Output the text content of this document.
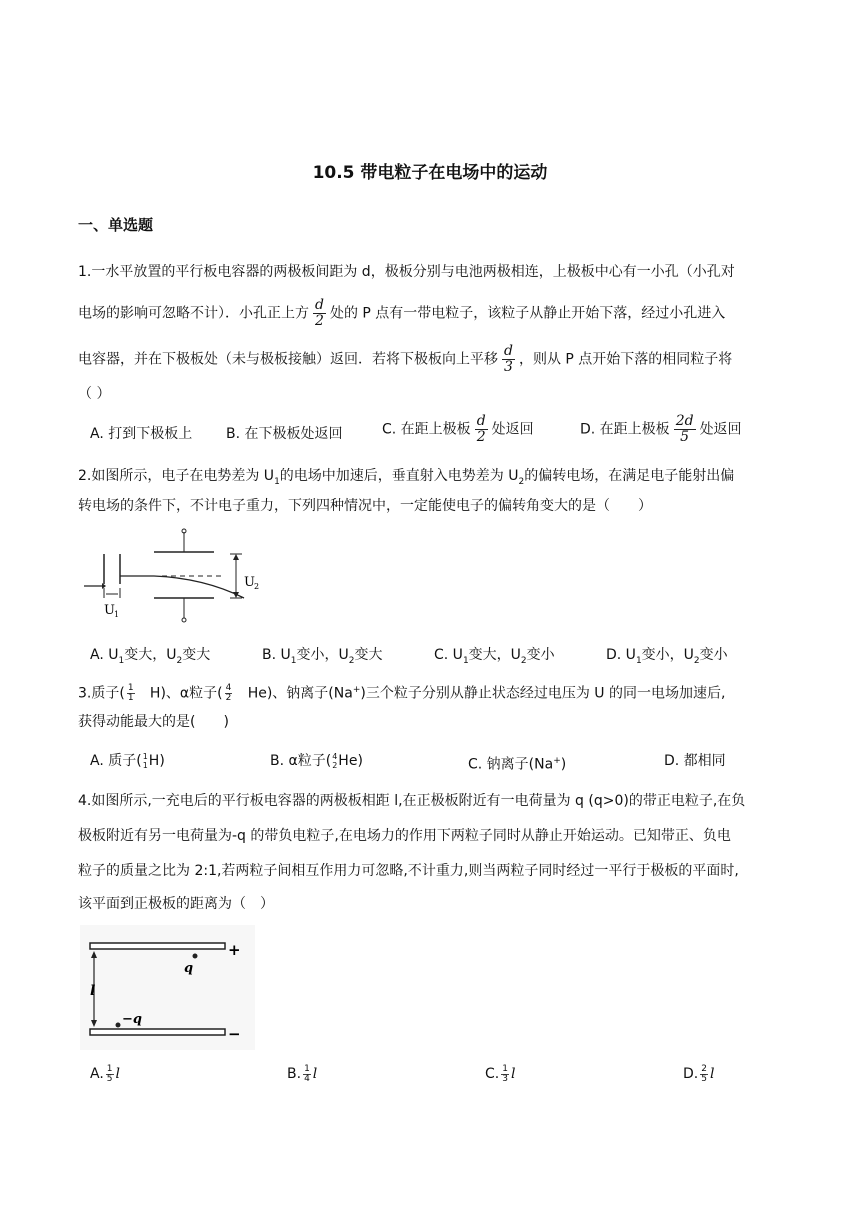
10.5 带电粒子在电场中的运动
一、单选题
1.一水平放置的平行板电容器的两极板间距为 d，极板分别与电池两极相连，上极板中心有一小孔（小孔对
电场的影响可忽略不计）．小孔正上方 $\frac{d}{2}$ 处的 P 点有一带电粒子，该粒子从静止开始下落，经过小孔进入
电容器，并在下极板处（未与极板接触）返回．若将下极板向上平移 $\frac{d}{3}$ ，则从 P 点开始下落的相同粒子将
（ ）
A. 打到下极板上 B. 在下极板处返回	C. 在距上极板 $\frac{d}{2}$ 处返回	D. 在距上极板 $\frac{2d}{5}$ 处返回
2.如图所示，电子在电势差为 $U_1$的电场中加速后，垂直射入电势差为 $U_2$的偏转电场，在满足电子能射出偏
转电场的条件下，不计电子重力，下列四种情况中，一定能使电子的偏转角变大的是（　　）
U 2
U 1
A. $U_1$变大，$U_2$变大	B. $U_1$变小，$U_2$变大	C. $U_1$变大，$U_2$变小	D. $U_1$变小，$U_2$变小
3.质子( $\frac{1}{1} H$)、α粒子( $\frac{4}{2} He$)、钠离子(Na+)三个粒子分别从静止状态经过电压为 U 的同一电场加速后,
获得动能最大的是(　　)
A. 质子( 1
1 H)	B. α粒子( 4
2 He)	C. 钠离子(Na+)	D. 都相同
4.如图所示,一充电后的平行板电容器的两极板相距 l,在正极板附近有一电荷量为 q (q>0)的带正电粒子,在负
极板附近有另一电荷量为-q 的带负电粒子,在电场力的作用下两粒子同时从静止开始运动。已知带正、负电
粒子的质量之比为 2:1,若两粒子间相互作用力可忽略,不计重力,则当两粒子同时经过一平行于极板的平面时,
该平面到正极板的距离为（　）
+
−
l
q
−q
A. $\frac{1}{5}$ l	B. $\frac{1}{4}$ l	C. $\frac{1}{3}$ l	D. $\frac{2}{5}$ l
